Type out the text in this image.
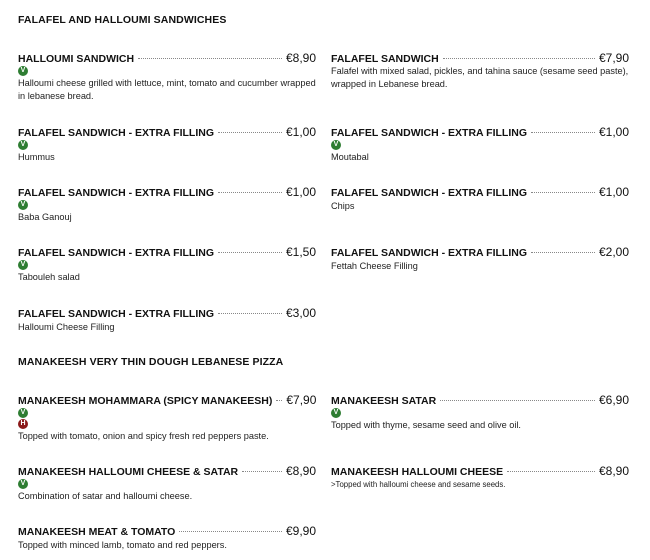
FALAFEL AND HALLOUMI SANDWICHES
HALLOUMI SANDWICH	€8,90
V
Halloumi cheese grilled with lettuce, mint, tomato and cucumber wrapped in lebanese bread.
FALAFEL SANDWICH	€7,90
Falafel with mixed salad, pickles, and tahina sauce (sesame seed paste), wrapped in Lebanese bread.
FALAFEL SANDWICH - EXTRA FILLING	€1,00
V
Hummus
FALAFEL SANDWICH - EXTRA FILLING	€1,00
V
Moutabal
FALAFEL SANDWICH - EXTRA FILLING	€1,00
V
Baba Ganouj
FALAFEL SANDWICH - EXTRA FILLING	€1,00
Chips
FALAFEL SANDWICH - EXTRA FILLING	€1,50
V
Tabouleh salad
FALAFEL SANDWICH - EXTRA FILLING	€2,00
Fettah Cheese Filling
FALAFEL SANDWICH - EXTRA FILLING	€3,00
Halloumi Cheese Filling
MANAKEESH VERY THIN DOUGH LEBANESE PIZZA
MANAKEESH MOHAMMARA (SPICY MANAKEESH) €7,90
V
H
Topped with tomato, onion and spicy fresh red peppers paste.
MANAKEESH SATAR	€6,90
V
Topped with thyme, sesame seed and olive oil.
MANAKEESH HALLOUMI CHEESE & SATAR	€8,90
V
Combination of satar and halloumi cheese.
MANAKEESH HALLOUMI CHEESE	€8,90
>Topped with halloumi cheese and sesame seeds.
MANAKEESH MEAT & TOMATO	€9,90
Topped with minced lamb, tomato and red peppers.
